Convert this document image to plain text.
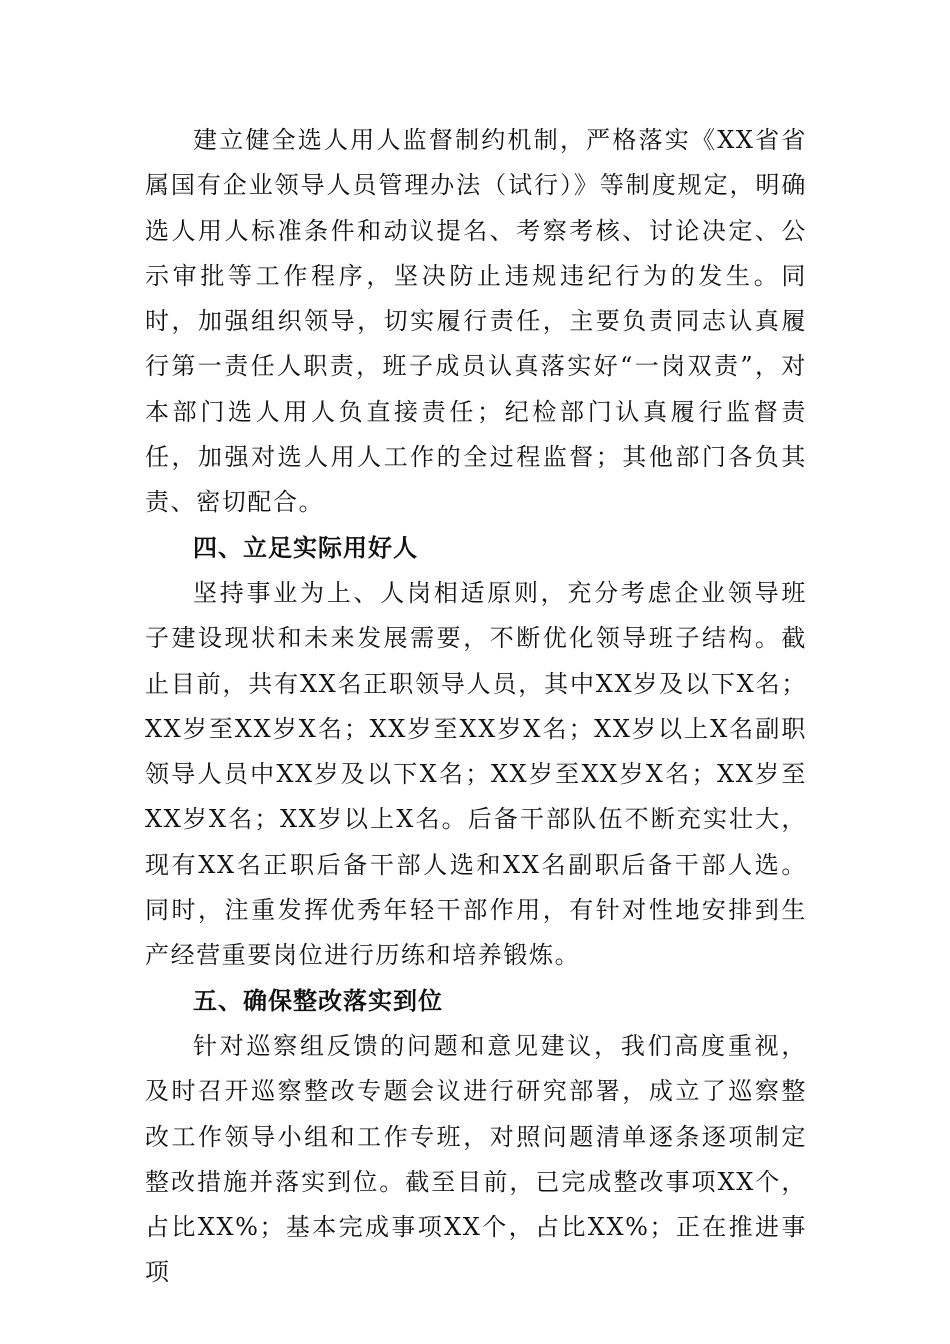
建立健全选人用人监督制约机制，严格落实《XX省省属国有企业领导人员管理办法（试行）》等制度规定，明确选人用人标准条件和动议提名、考察考核、讨论决定、公示审批等工作程序，坚决防止违规违纪行为的发生。同时，加强组织领导，切实履行责任，主要负责同志认真履行第一责任人职责，班子成员认真落实好“一岗双责”，对本部门选人用人负直接责任；纪检部门认真履行监督责任，加强对选人用人工作的全过程监督；其他部门各负其责、密切配合。

四、立足实际用好人

坚持事业为上、人岗相适原则，充分考虑企业领导班子建设现状和未来发展需要，不断优化领导班子结构。截止目前，共有XX名正职领导人员，其中XX岁及以下X名；XX岁至XX岁X名；XX岁至XX岁X名；XX岁以上X名副职领导人员中XX岁及以下X名；XX岁至XX岁X名；XX岁至XX岁X名；XX岁以上X名。后备干部队伍不断充实壮大，现有XX名正职后备干部人选和XX名副职后备干部人选。同时，注重发挥优秀年轻干部作用，有针对性地安排到生产经营重要岗位进行历练和培养锻炼。

五、确保整改落实到位

针对巡察组反馈的问题和意见建议，我们高度重视，及时召开巡察整改专题会议进行研究部署，成立了巡察整改工作领导小组和工作专班，对照问题清单逐条逐项制定整改措施并落实到位。截至目前，已完成整改事项XX个，占比XX%；基本完成事项XX个，占比XX%；正在推进事项
